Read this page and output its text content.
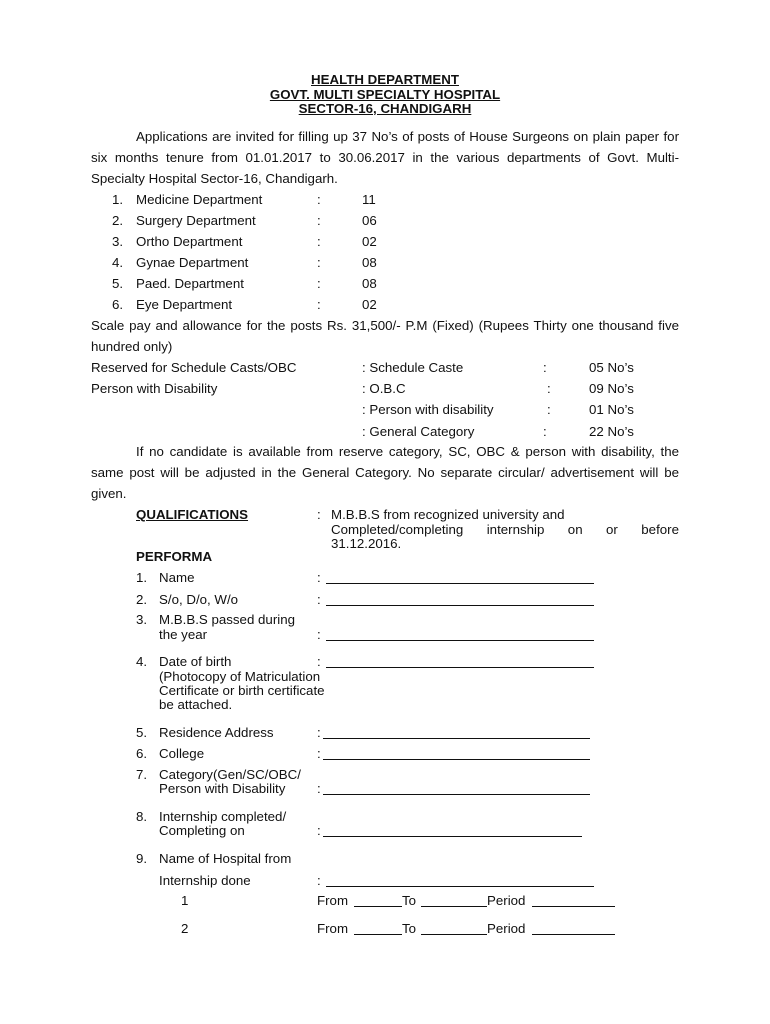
HEALTH DEPARTMENT
GOVT. MULTI SPECIALTY HOSPITAL
SECTOR-16, CHANDIGARH
Applications are invited for filling up 37 No’s of posts of House Surgeons on plain paper for six months tenure from 01.01.2017 to 30.06.2017 in the various departments of Govt. Multi-Specialty Hospital Sector-16, Chandigarh.
1. Medicine Department	:	11
2. Surgery Department	:	06
3. Ortho Department	:	02
4. Gynae Department	:	08
5. Paed. Department	:	08
6. Eye Department	:	02
Scale pay and allowance for the posts Rs. 31,500/- P.M (Fixed) (Rupees Thirty one thousand five hundred only)
Reserved for Schedule Casts/OBC
Person with Disability
: Schedule Caste	:	05 No’s
: O.B.C	:	09 No’s
: Person with disability	:	01 No’s
: General Category	:	22 No’s
If no candidate is available from reserve category, SC, OBC & person with disability, the same post will be adjusted in the General Category. No separate circular/ advertisement will be given.
QUALIFICATIONS	: M.B.B.S from recognized university and
Completed/completing internship on or before
31.12.2016.
PERFORMA
1. Name	:
2. S/o, D/o, W/o	:
3. M.B.B.S passed during
the year	:
4. Date of birth
(Photocopy of Matriculation
Certificate or birth certificate
be attached.
:
5. Residence Address	:
6. College	:
7. Category(Gen/SC/OBC/
Person with Disability :
8. Internship completed/
Completing on	:
9. Name of Hospital from
Internship done	:
1	From	To	Period
2	From	To	Period
